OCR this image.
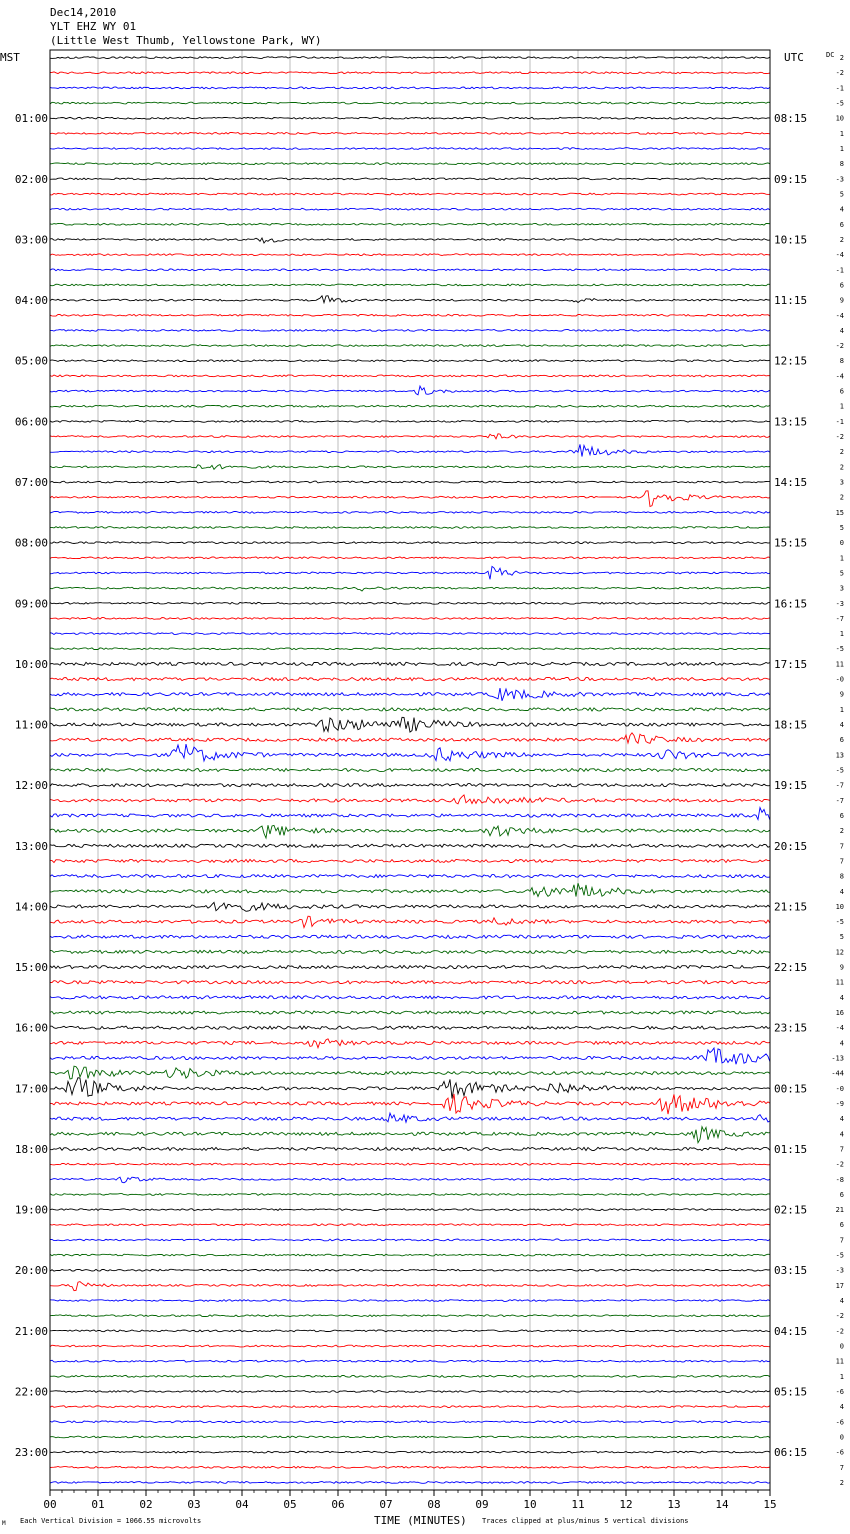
Dec14,2010
YLT EHZ WY 01
(Little West Thumb, Yellowstone Park, WY)
MST	UTC	DC
01:00
02:00
03:00
04:00
05:00
06:00
07:00
08:00
09:00
10:00
11:00
12:00
13:00
14:00
15:00
16:00
17:00
18:00
19:00
20:00
21:00
22:00
23:00
08:15
09:15
10:15
11:15
12:15
13:15
14:15
15:15
16:15
17:15
18:15
19:15
20:15
21:15
22:15
23:15
00:15
01:15
02:15
03:15
04:15
05:15
06:15
2
-2
-1
-5
10
1
1
8
-3
5
4
6
2
-4
-1
6
9
-4
4
-2
8
-4
6
1
-1
-2
2
2
3
2
15
5
0
1
5
3
-3
-7
1
-5
11
-0
9
1
4
6
13
-5
-7
-7
6
2
7
7
8
4
10
-5
5
12
9
11
4
16
-4
4
-13
-44
-0
-9
4
4
7
-2
-8
6
21
6
7
-5
-3
17
4
-2
-2
0
11
1
-6
4
-6
0
-6
7
2
00	01	02	03	04	05	06	07	08	09	10	11	12	13	14	15
M Each Vertical Division = 1066.55 microvolts	TIME (MINUTES) Traces clipped at plus/minus 5 vertical divisions
